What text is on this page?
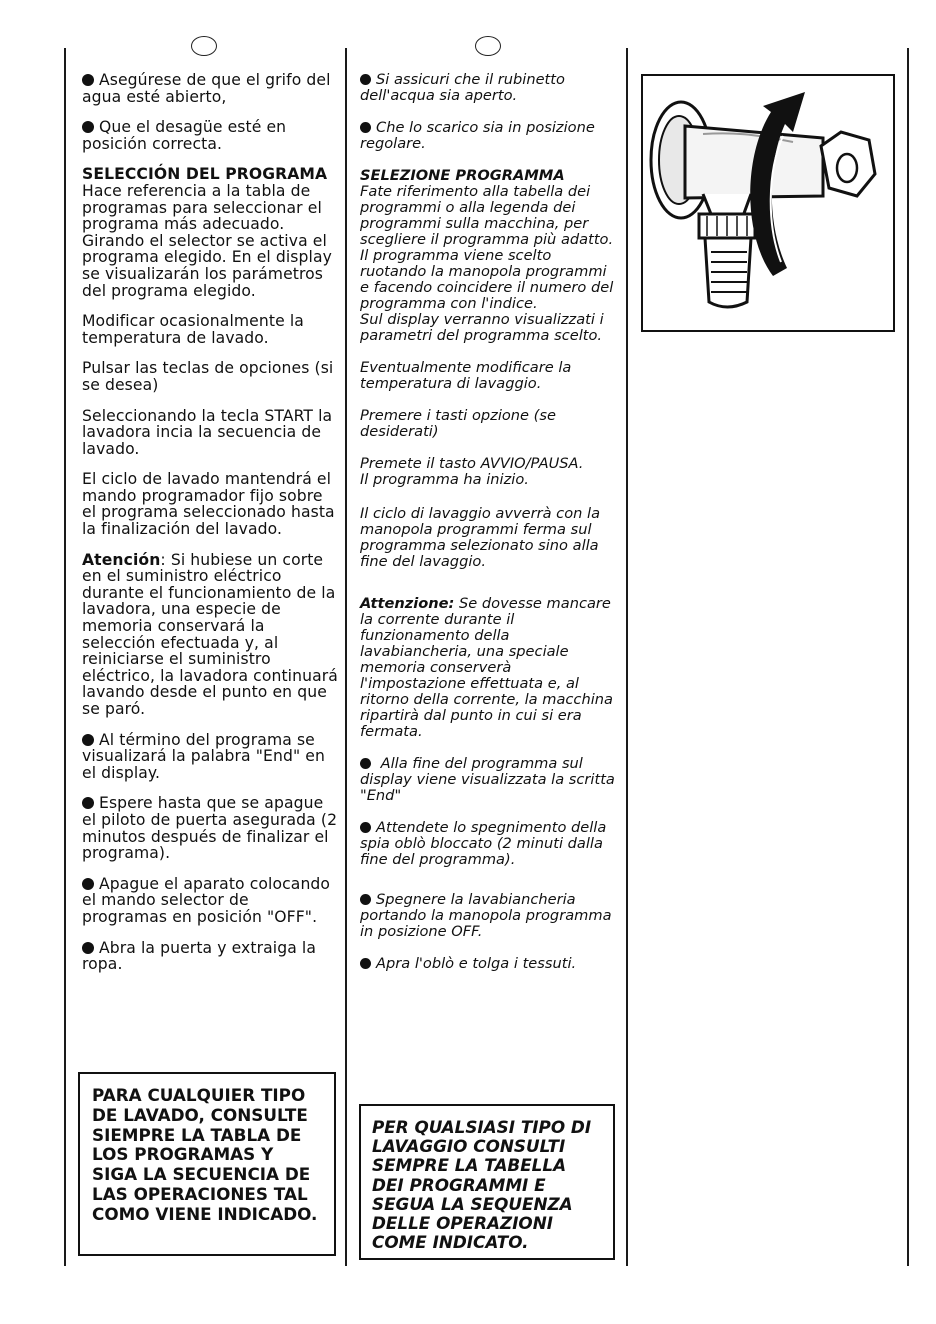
Asegúrese de que el grifo del agua esté abierto,

Que el desagüe esté en posición correcta.

SELECCIÓN DEL PROGRAMA
Hace referencia a la tabla de programas para seleccionar el programa más adecuado.
Girando el selector se activa el programa elegido. En el display se visualizarán los parámetros del programa elegido.

Modificar ocasionalmente la temperatura de lavado.

Pulsar las teclas de opciones (si se desea)

Seleccionando la tecla START la lavadora incia la secuencia de lavado.

El ciclo de lavado mantendrá el mando programador fijo sobre el programa seleccionado hasta la finalización del lavado.

Atención: Si hubiese un corte en el suministro eléctrico durante el funcionamiento de la lavadora, una especie de memoria conservará la selección efectuada y, al reiniciarse el suministro eléctrico, la lavadora continuará lavando desde el punto en que se paró.

Al término del programa se visualizará la palabra "End" en el display.

Espere hasta que se apague el piloto de puerta asegurada (2 minutos después de finalizar el programa).

Apague el aparato colocando el mando selector de programas en posición "OFF".

Abra la puerta y extraiga la ropa.

PARA CUALQUIER TIPO DE LAVADO, CONSULTE SIEMPRE LA TABLA DE LOS PROGRAMAS Y SIGA LA SECUENCIA DE LAS OPERACIONES TAL COMO VIENE INDICADO.

Si assicuri che il rubinetto dell'acqua sia aperto.

Che lo scarico sia in posizione regolare.

SELEZIONE PROGRAMMA
Fate riferimento alla tabella dei programmi o alla legenda dei programmi sulla macchina, per scegliere il programma più adatto.
Il programma viene scelto ruotando la manopola programmi e facendo coincidere il numero del programma con l'indice.
Sul display verranno visualizzati i parametri del programma scelto.

Eventualmente modificare la temperatura di lavaggio.

Premere i tasti opzione (se desiderati)

Premete il tasto AVVIO/PAUSA.
Il programma ha inizio.

Il ciclo di lavaggio avverrà con la manopola programmi ferma sul programma selezionato sino alla fine del lavaggio.

Attenzione: Se dovesse mancare la corrente durante il funzionamento della lavabiancheria, una speciale memoria conserverà l'impostazione effettuata e, al ritorno della corrente, la macchina ripartirà dal punto in cui si era fermata.

Alla fine del programma sul display viene visualizzata la scritta "End"

Attendete lo spegnimento della spia oblò bloccato (2 minuti dalla fine del programma).

Spegnere la lavabiancheria portando la manopola programma in posizione OFF.

Apra l'oblò e tolga i tessuti.

PER QUALSIASI TIPO DI LAVAGGIO CONSULTI SEMPRE LA TABELLA DEI PROGRAMMI E SEGUA LA SEQUENZA DELLE OPERAZIONI COME INDICATO.
